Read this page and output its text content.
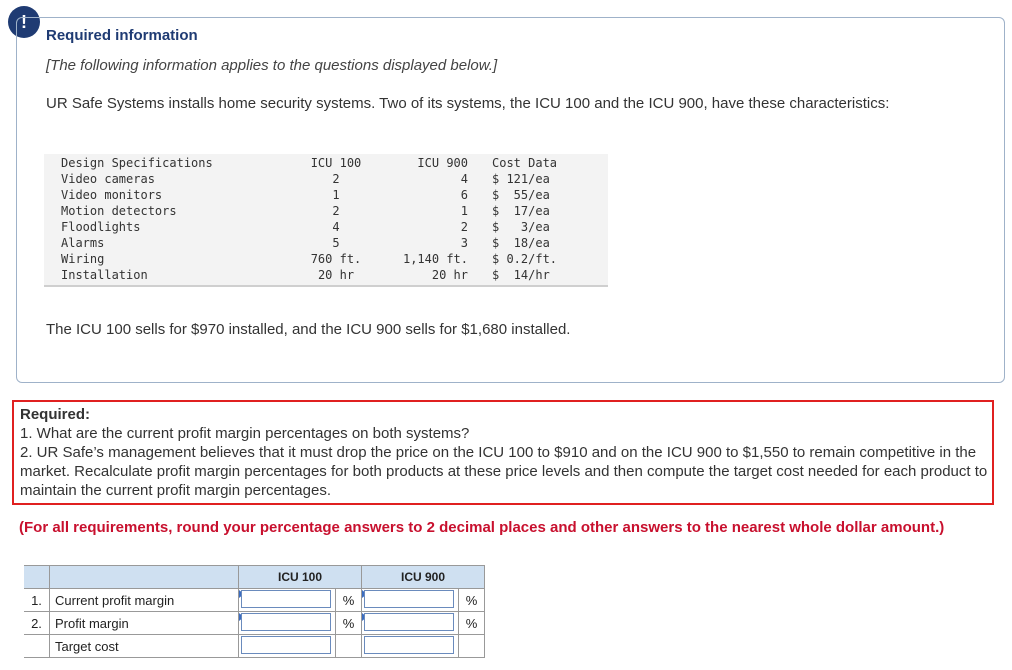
!
Required information
[The following information applies to the questions displayed below.]
UR Safe Systems installs home security systems. Two of its systems, the ICU 100 and the ICU 900, have these characteristics:
Design Specifications	ICU 100	ICU 900	Cost Data
Video cameras	2	4	$ 121/ea
Video monitors	1	6	$  55/ea
Motion detectors	2	1	$  17/ea
Floodlights	4	2	$   3/ea
Alarms	5	3	$  18/ea
Wiring	760 ft.	1,140 ft.	$ 0.2/ft.
Installation	20 hr	20 hr	$  14/hr
The ICU 100 sells for $970 installed, and the ICU 900 sells for $1,680 installed.
Required:
1. What are the current profit margin percentages on both systems?
2. UR Safe’s management believes that it must drop the price on the ICU 100 to $910 and on the ICU 900 to $1,550 to remain competitive in the market. Recalculate profit margin percentages for both products at these price levels and then compute the target cost needed for each product to maintain the current profit margin percentages.
(For all requirements, round your percentage answers to 2 decimal places and other answers to the nearest whole dollar amount.)
		ICU 100		ICU 900	
1.	Current profit margin		%		%
2.	Profit margin		%		%
	Target cost	
